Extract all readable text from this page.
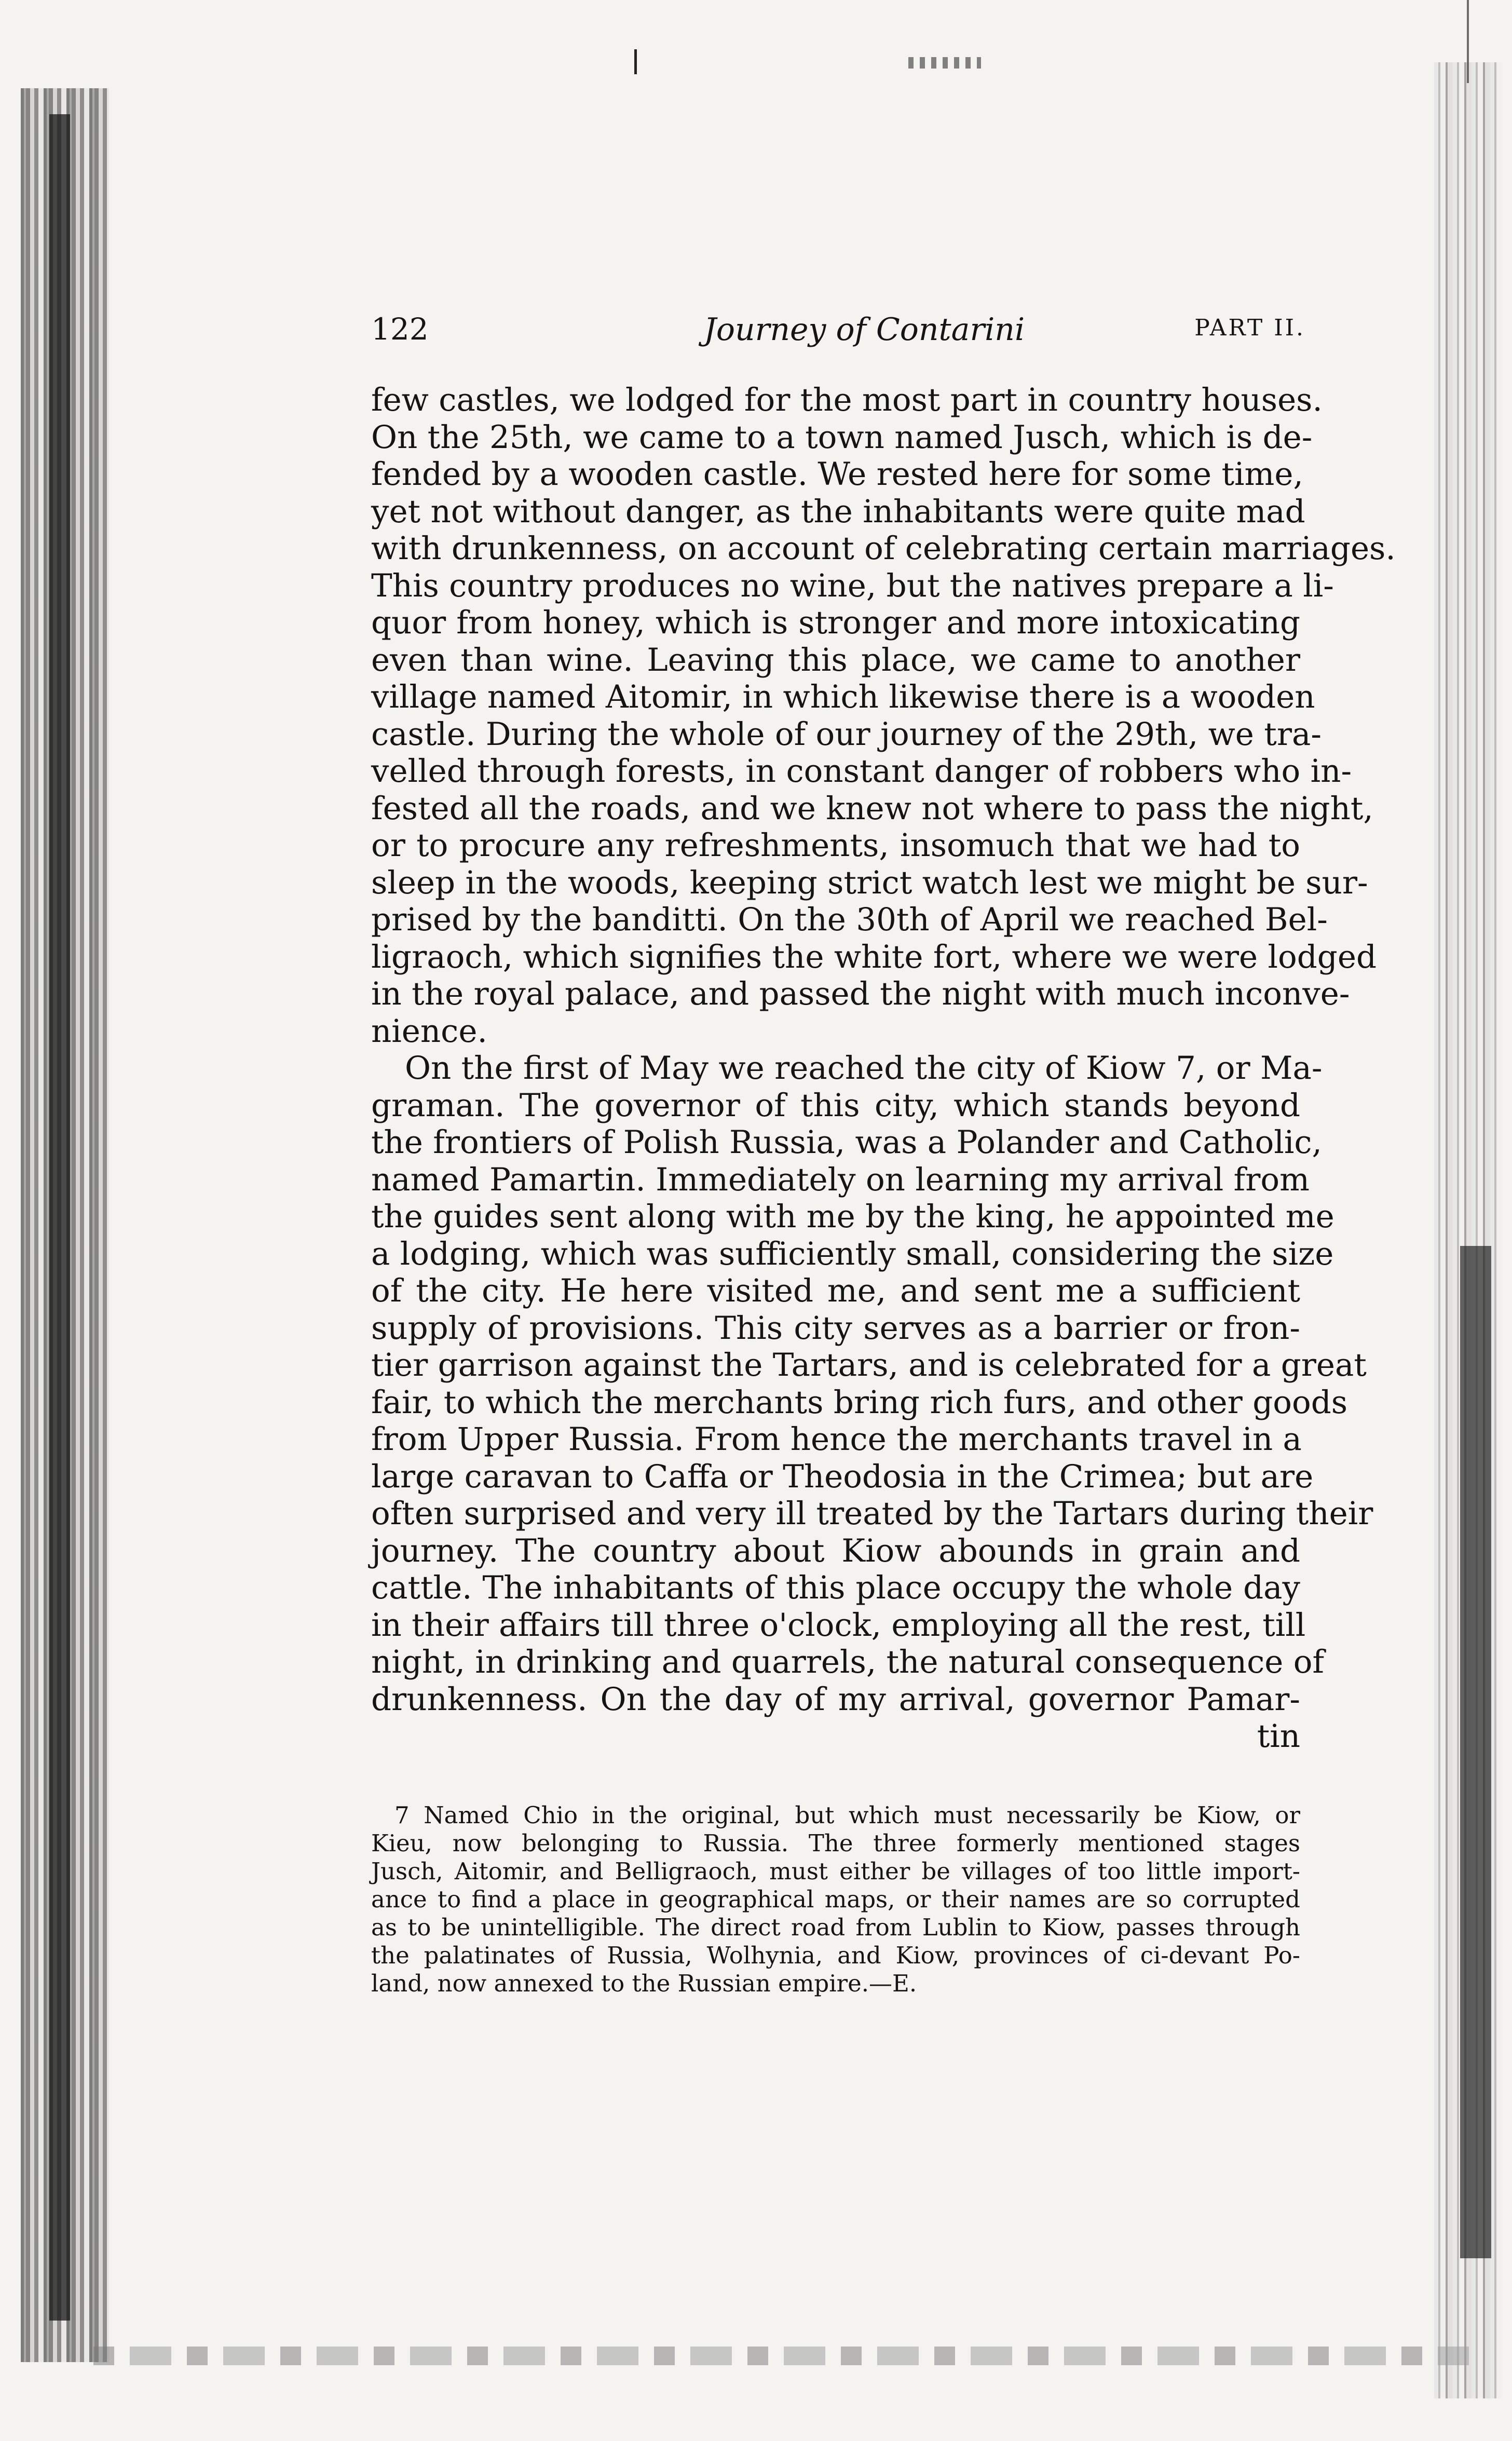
122	Journey of Contarini	PART II.
few castles, we lodged for the most part in country houses.
On the 25th, we came to a town named Jusch, which is de-
fended by a wooden castle. We rested here for some time,
yet not without danger, as the inhabitants were quite mad
with drunkenness, on account of celebrating certain marriages.
This country produces no wine, but the natives prepare a li-
quor from honey, which is stronger and more intoxicating
even than wine. Leaving this place, we came to another
village named Aitomir, in which likewise there is a wooden
castle. During the whole of our journey of the 29th, we tra-
velled through forests, in constant danger of robbers who in-
fested all the roads, and we knew not where to pass the night,
or to procure any refreshments, insomuch that we had to
sleep in the woods, keeping strict watch lest we might be sur-
prised by the banditti. On the 30th of April we reached Bel-
ligraoch, which signifies the white fort, where we were lodged
in the royal palace, and passed the night with much inconve-
nience.
On the first of May we reached the city of Kiow 7, or Ma-
graman. The governor of this city, which stands beyond
the frontiers of Polish Russia, was a Polander and Catholic,
named Pamartin. Immediately on learning my arrival from
the guides sent along with me by the king, he appointed me
a lodging, which was sufficiently small, considering the size
of the city. He here visited me, and sent me a sufficient
supply of provisions. This city serves as a barrier or fron-
tier garrison against the Tartars, and is celebrated for a great
fair, to which the merchants bring rich furs, and other goods
from Upper Russia. From hence the merchants travel in a
large caravan to Caffa or Theodosia in the Crimea; but are
often surprised and very ill treated by the Tartars during their
journey. The country about Kiow abounds in grain and
cattle. The inhabitants of this place occupy the whole day
in their affairs till three o'clock, employing all the rest, till
night, in drinking and quarrels, the natural consequence of
drunkenness. On the day of my arrival, governor Pamar-
tin
7 Named Chio in the original, but which must necessarily be Kiow, or
Kieu, now belonging to Russia. The three formerly mentioned stages
Jusch, Aitomir, and Belligraoch, must either be villages of too little import-
ance to find a place in geographical maps, or their names are so corrupted
as to be unintelligible. The direct road from Lublin to Kiow, passes through
the palatinates of Russia, Wolhynia, and Kiow, provinces of ci-devant Po-
land, now annexed to the Russian empire.—E.
